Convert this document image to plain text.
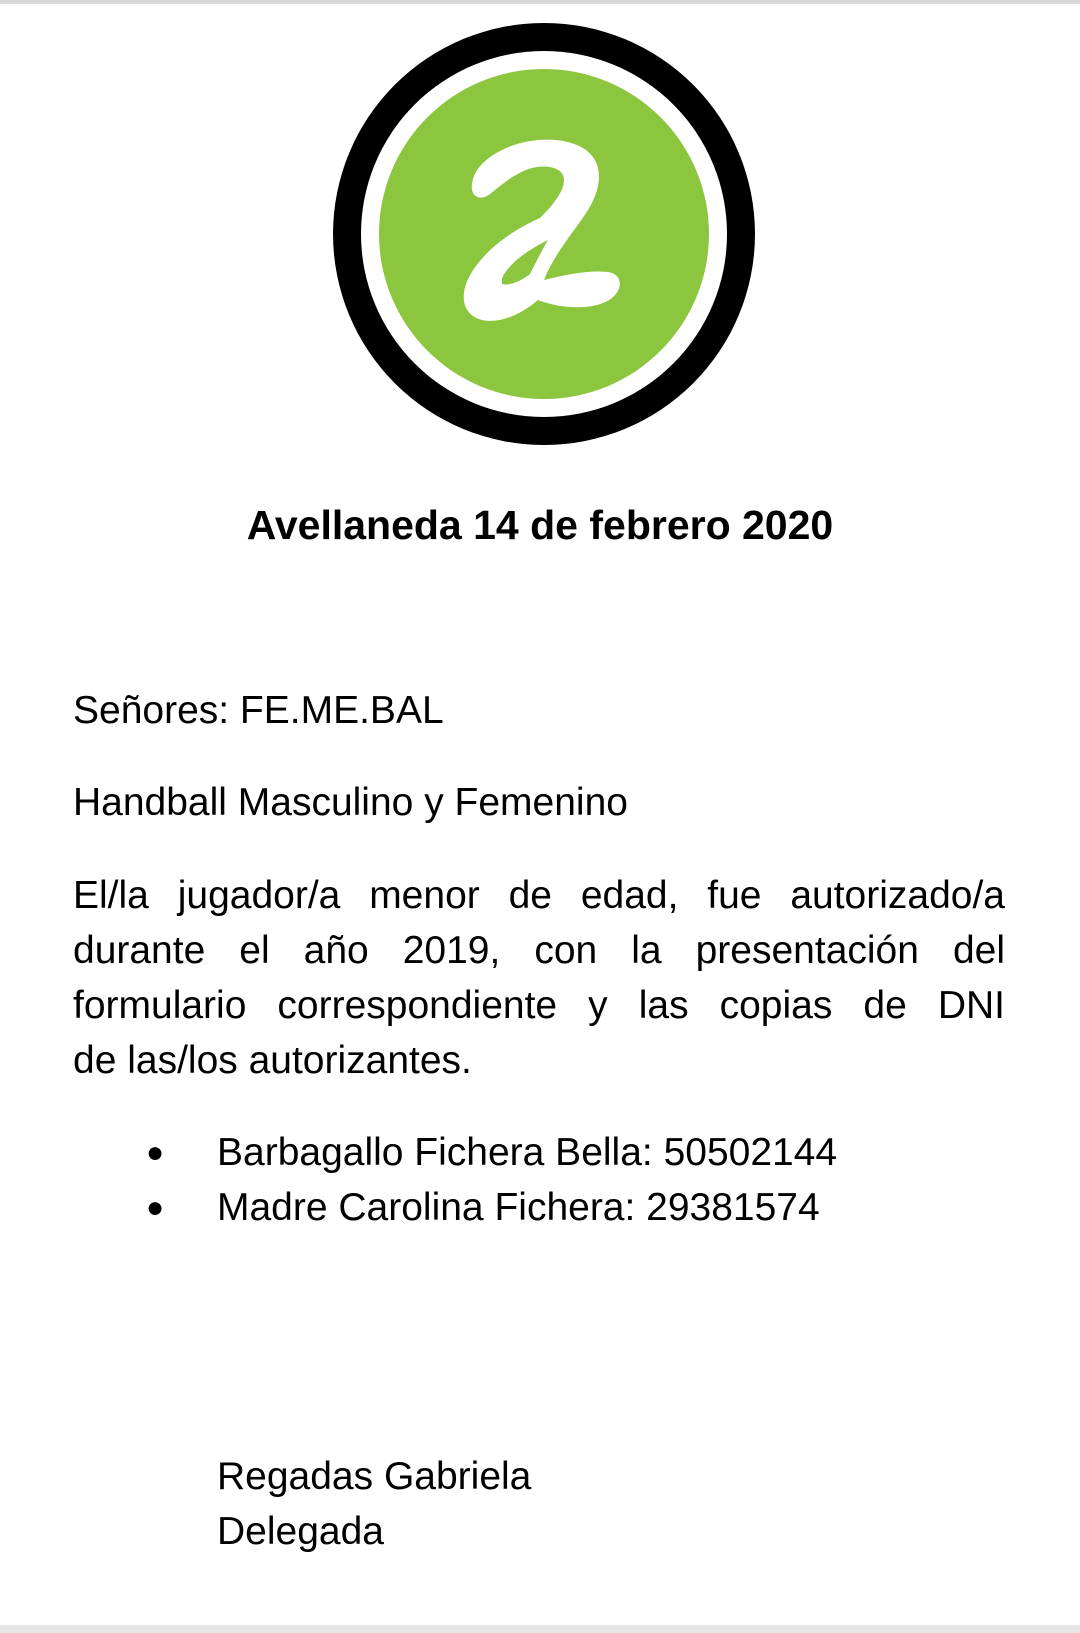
Avellaneda 14 de febrero 2020
Señores: FE.ME.BAL
Handball Masculino y Femenino
El/la jugador/a menor de edad, fue autorizado/a
durante el año 2019, con la presentación del
formulario correspondiente y las copias de DNI
de las/los autorizantes.
● Barbagallo Fichera Bella: 50502144
● Madre Carolina Fichera: 29381574
Regadas Gabriela
Delegada
